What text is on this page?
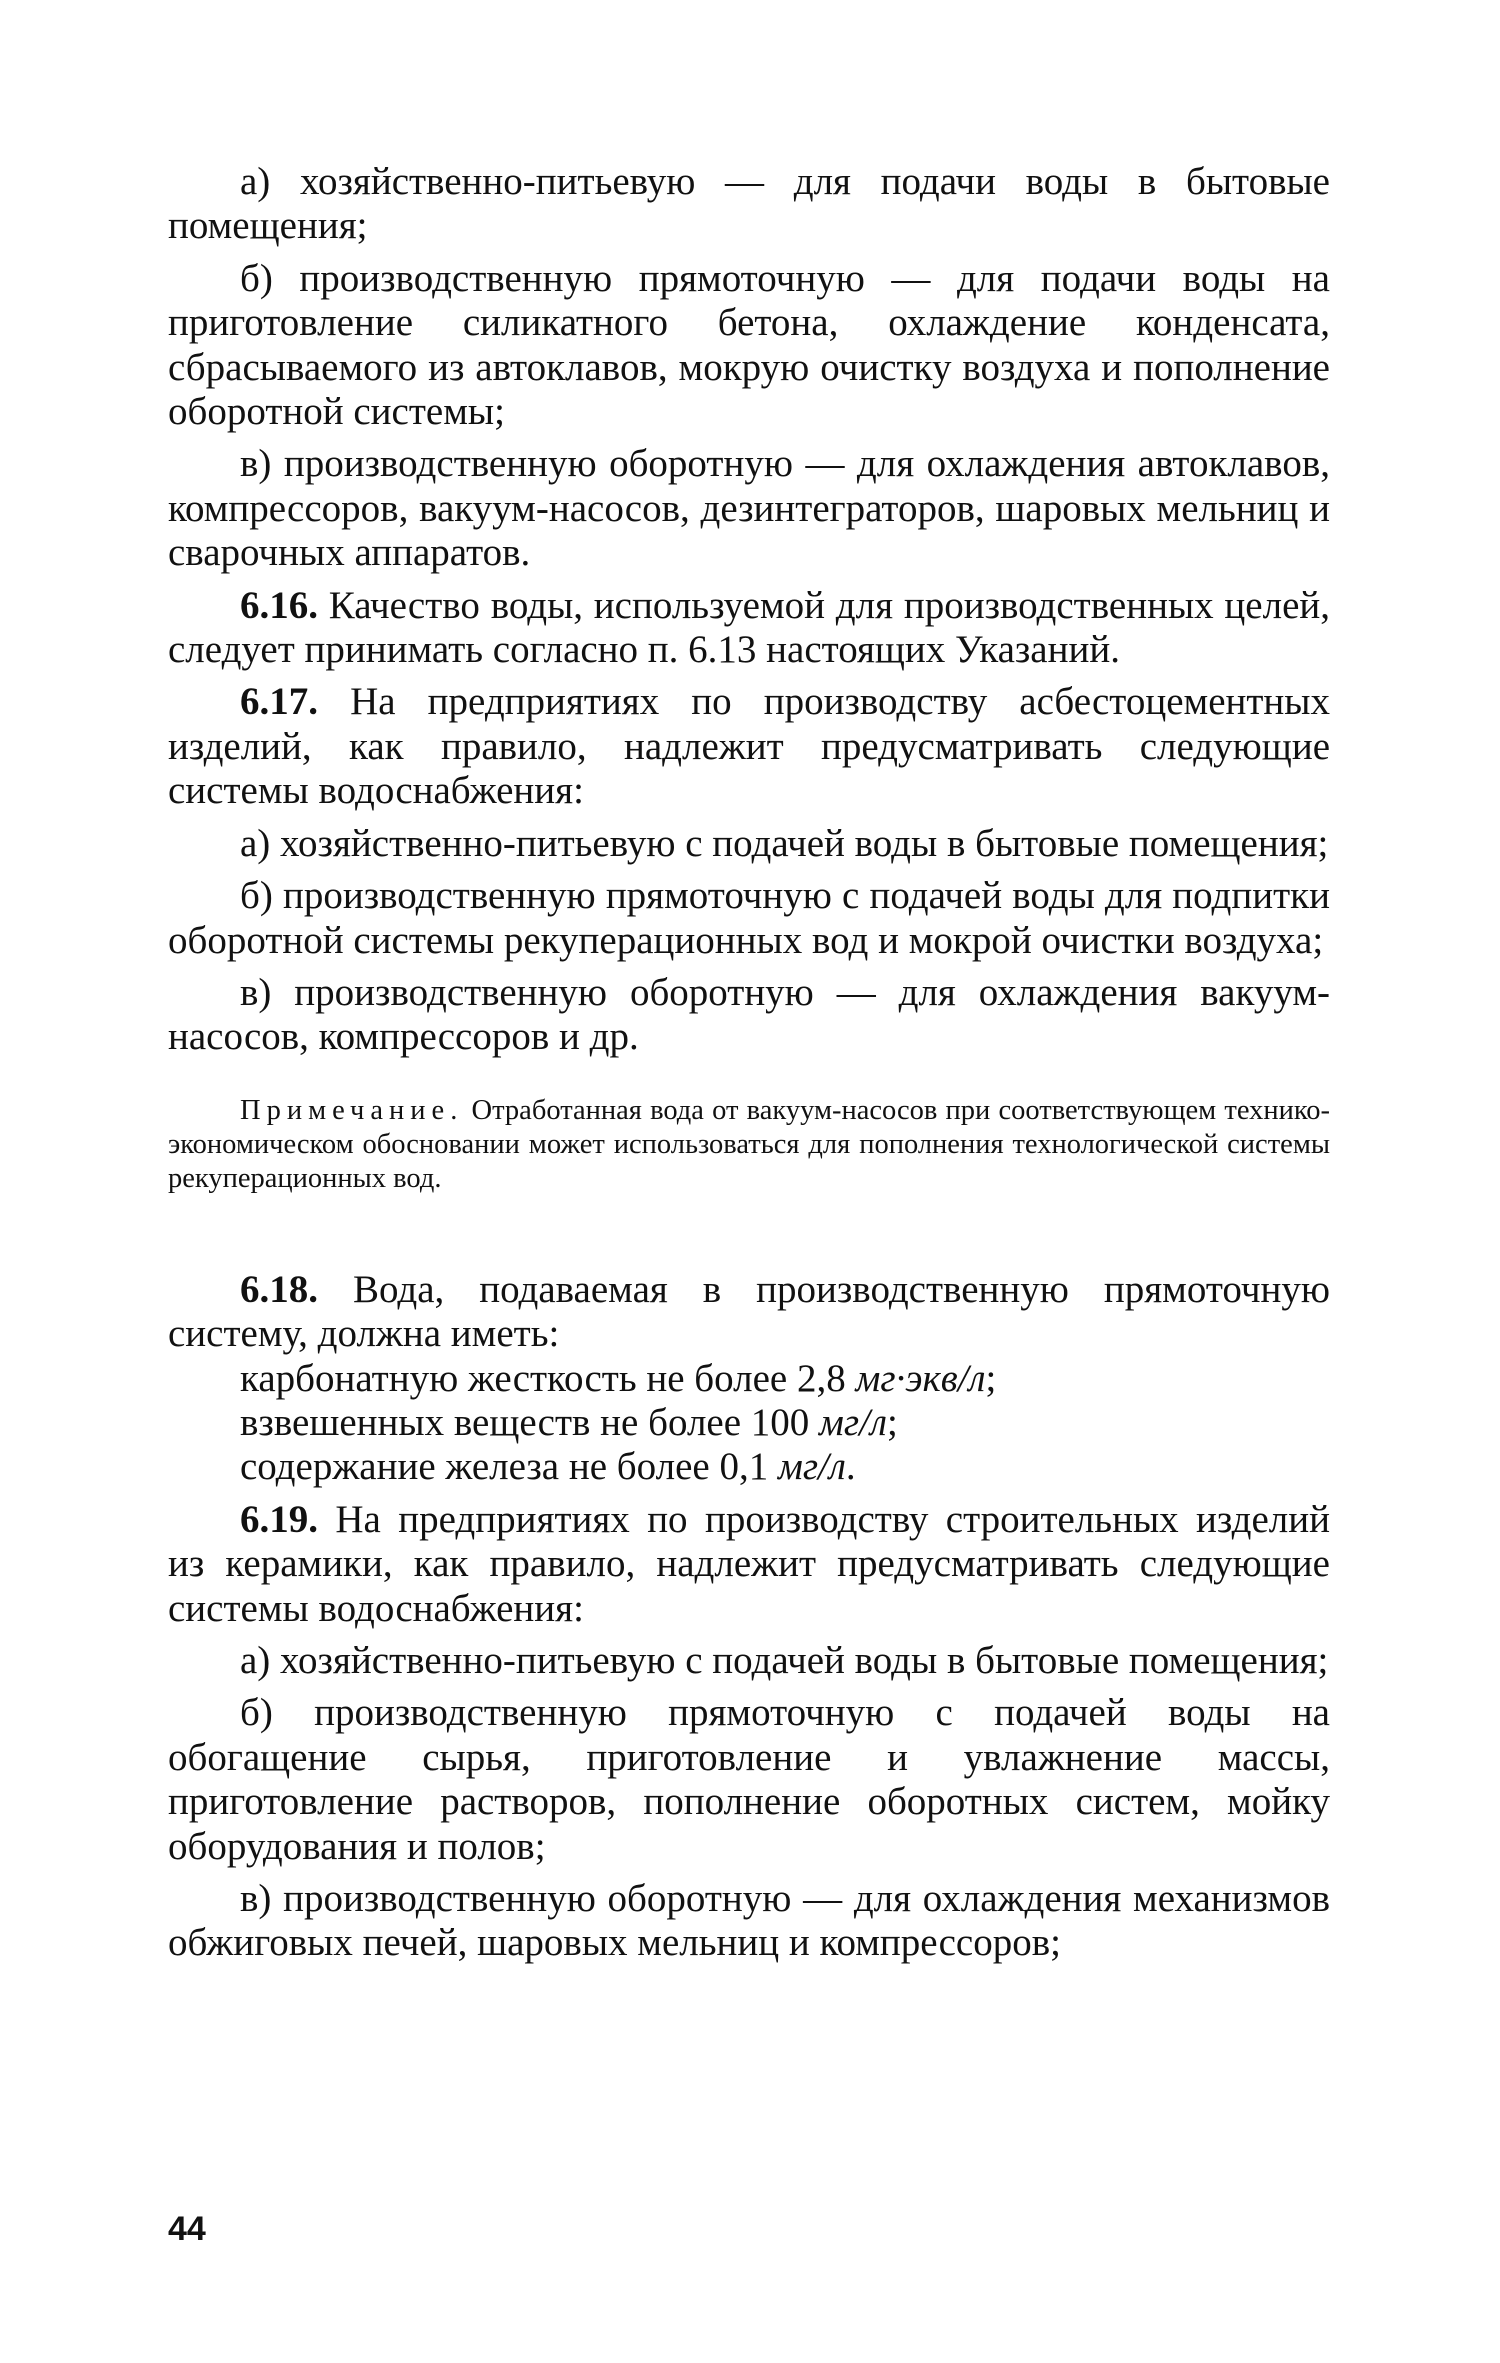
а) хозяйственно-питьевую — для подачи воды в бытовые помещения;

б) производственную прямоточную — для подачи воды на приготовление силикатного бетона, охлаждение конденсата, сбрасываемого из автоклавов, мокрую очистку воздуха и пополнение оборотной системы;

в) производственную оборотную — для охлаждения автоклавов, компрессоров, вакуум-насосов, дезинтеграторов, шаровых мельниц и сварочных аппаратов.

6.16. Качество воды, используемой для производственных целей, следует принимать согласно п. 6.13 настоящих Указаний.

6.17. На предприятиях по производству асбестоцементных изделий, как правило, надлежит предусматривать следующие системы водоснабжения:

а) хозяйственно-питьевую с подачей воды в бытовые помещения;

б) производственную прямоточную с подачей воды для подпитки оборотной системы рекуперационных вод и мокрой очистки воздуха;

в) производственную оборотную — для охлаждения вакуум-насосов, компрессоров и др.

Примечание. Отработанная вода от вакуум-насосов при соответствующем технико-экономическом обосновании может использоваться для пополнения технологической системы рекуперационных вод.

6.18. Вода, подаваемая в производственную прямоточную систему, должна иметь:

карбонатную жесткость не более 2,8 мг·экв/л;
взвешенных веществ не более 100 мг/л;
содержание железа не более 0,1 мг/л.

6.19. На предприятиях по производству строительных изделий из керамики, как правило, надлежит предусматривать следующие системы водоснабжения:

а) хозяйственно-питьевую с подачей воды в бытовые помещения;

б) производственную прямоточную с подачей воды на обогащение сырья, приготовление и увлажнение массы, приготовление растворов, пополнение оборотных систем, мойку оборудования и полов;

в) производственную оборотную — для охлаждения механизмов обжиговых печей, шаровых мельниц и компрессоров;

44
